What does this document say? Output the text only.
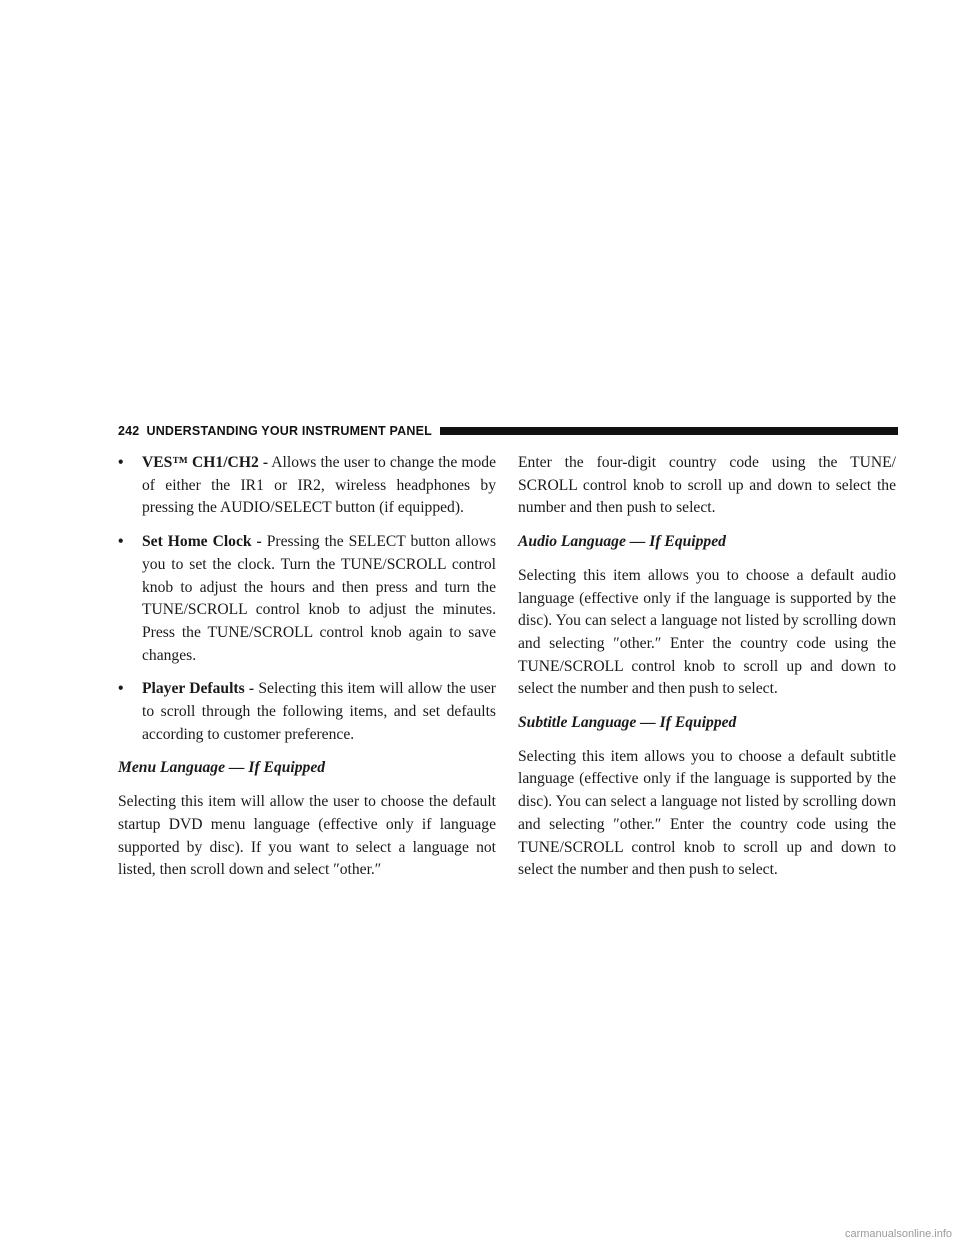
242 UNDERSTANDING YOUR INSTRUMENT PANEL

• VES™ CH1/CH2 - Allows the user to change the mode of either the IR1 or IR2, wireless headphones by pressing the AUDIO/SELECT button (if equipped).

• Set Home Clock - Pressing the SELECT button allows you to set the clock. Turn the TUNE/SCROLL control knob to adjust the hours and then press and turn the TUNE/SCROLL control knob to adjust the minutes. Press the TUNE/SCROLL control knob again to save changes.

• Player Defaults - Selecting this item will allow the user to scroll through the following items, and set defaults according to customer preference.

Menu Language — If Equipped

Selecting this item will allow the user to choose the default startup DVD menu language (effective only if language supported by disc). If you want to select a language not listed, then scroll down and select ″other.″

Enter the four-digit country code using the TUNE/ SCROLL control knob to scroll up and down to select the number and then push to select.

Audio Language — If Equipped

Selecting this item allows you to choose a default audio language (effective only if the language is supported by the disc). You can select a language not listed by scrolling down and selecting ″other.″ Enter the country code using the TUNE/SCROLL control knob to scroll up and down to select the number and then push to select.

Subtitle Language — If Equipped

Selecting this item allows you to choose a default subtitle language (effective only if the language is supported by the disc). You can select a language not listed by scrolling down and selecting ″other.″ Enter the country code using the TUNE/SCROLL control knob to scroll up and down to select the number and then push to select.

carmanualsonline.info
